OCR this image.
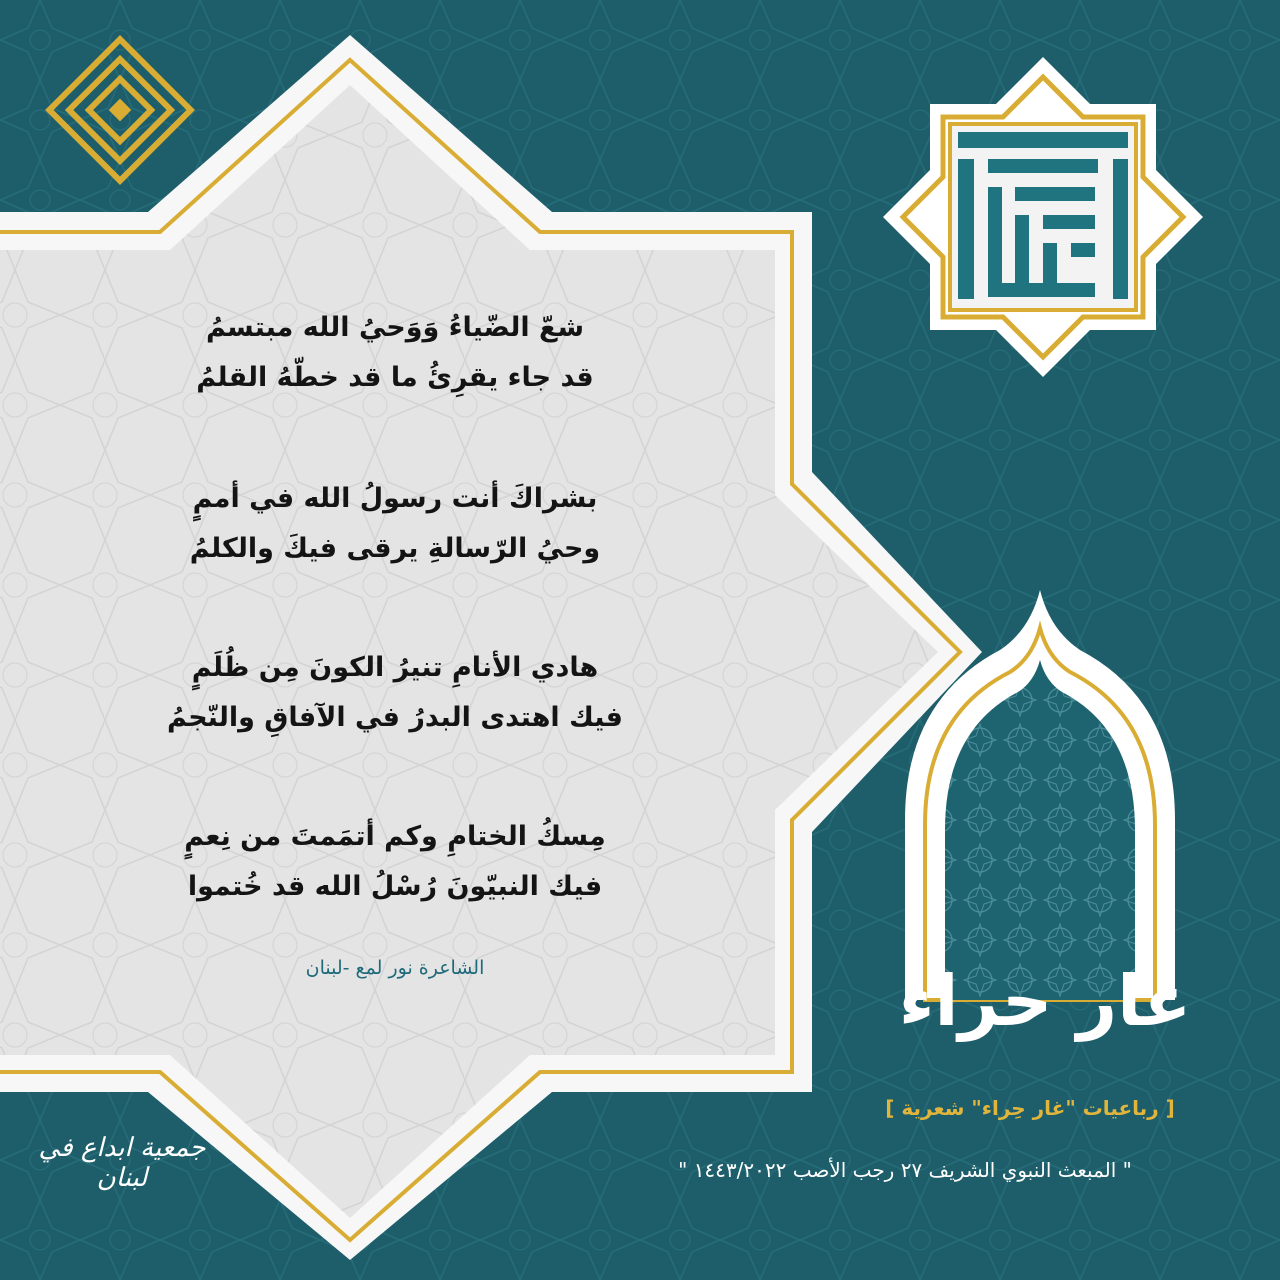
شعّ الضّياءُ وَوَحيُ الله مبتسمُ
قد جاء يقرِئُ ما قد خطّهُ القلمُ
بشراكَ أنت رسولُ الله في أممٍ
وحيُ الرّسالةِ يرقى فيكَ والكلمُ
هادي الأنامِ تنيرُ الكونَ مِن ظُلَمٍ
فيك اهتدى البدرُ في الآفاقِ والنّجمُ
مِسكُ الختامِ وكم أتمَمتَ من نِعمٍ
فيك النبيّونَ رُسْلُ الله قد خُتموا
الشاعرة نور لمع -لبنان	غار حراء
[ رباعيات "غار حِراء" شعرية ]
" المبعث النبوي الشريف ٢٧ رجب الأصب ١٤٤٣/٢٠٢٢ "
جمعية ابداع في لبنان
